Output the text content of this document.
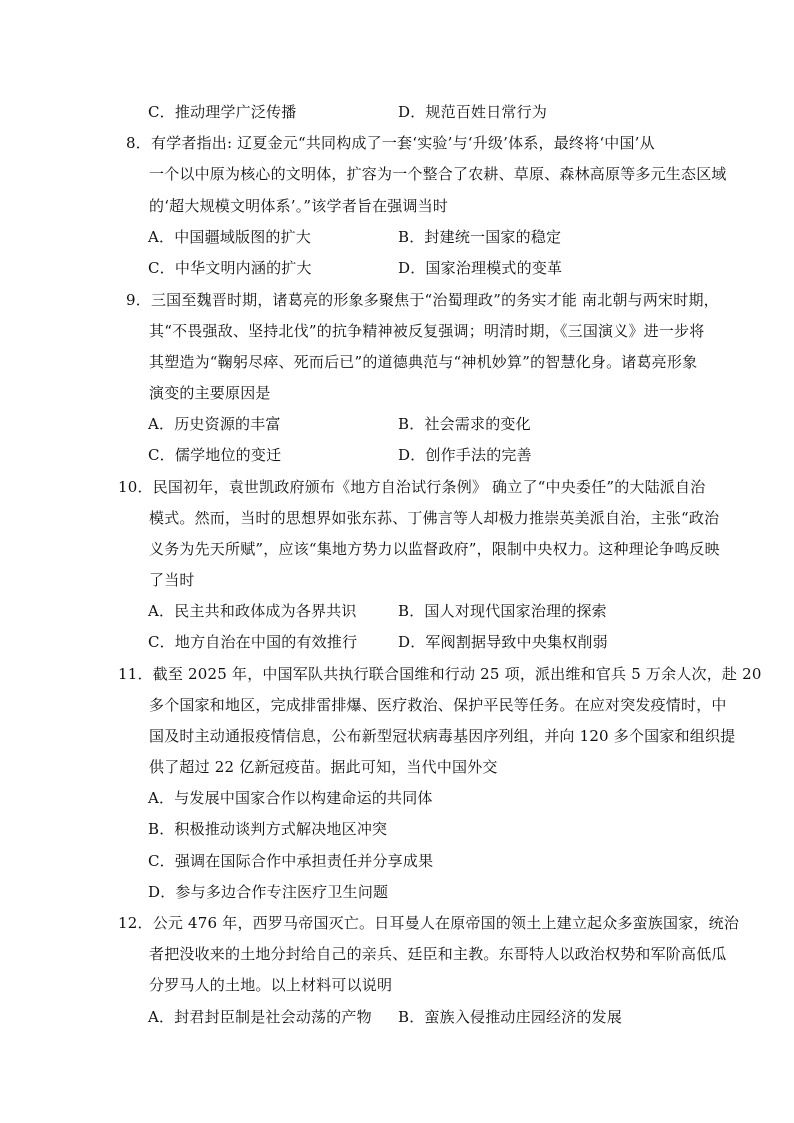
C．推动理学广泛传播	D．规范百姓日常行为
8．有学者指出: 辽夏金元“共同构成了一套‘实验’与‘升级’体系，最终将‘中国’从
一个以中原为核心的文明体，扩容为一个整合了农耕、草原、森林高原等多元生态区域
的‘超大规模文明体系’。”该学者旨在强调当时
A．中国疆域版图的扩大	B．封建统一国家的稳定
C．中华文明内涵的扩大	D．国家治理模式的变革
9．三国至魏晋时期，诸葛亮的形象多聚焦于“治蜀理政”的务实才能 南北朝与两宋时期，
其“不畏强敌、坚持北伐”的抗争精神被反复强调；明清时期，《三国演义》进一步将
其塑造为“鞠躬尽瘁、死而后已”的道德典范与“神机妙算”的智慧化身。诸葛亮形象
演变的主要原因是
A．历史资源的丰富	B．社会需求的变化
C．儒学地位的变迁	D．创作手法的完善
10．民国初年，袁世凯政府颁布《地方自治试行条例》 确立了“中央委任”的大陆派自治
模式。然而，当时的思想界如张东荪、丁佛言等人却极力推崇英美派自治，主张“政治
义务为先天所赋”，应该“集地方势力以监督政府”，限制中央权力。这种理论争鸣反映
了当时
A．民主共和政体成为各界共识	B．国人对现代国家治理的探索
C．地方自治在中国的有效推行	D．军阀割据导致中央集权削弱
11．截至 2025 年，中国军队共执行联合国维和行动 25 项，派出维和官兵 5 万余人次，赴 20
多个国家和地区，完成排雷排爆、医疗救治、保护平民等任务。在应对突发疫情时，中
国及时主动通报疫情信息，公布新型冠状病毒基因序列组，并向 120 多个国家和组织提
供了超过 22 亿新冠疫苗。据此可知，当代中国外交
A．与发展中国家合作以构建命运的共同体
B．积极推动谈判方式解决地区冲突
C．强调在国际合作中承担责任并分享成果
D．参与多边合作专注医疗卫生问题
12．公元 476 年，西罗马帝国灭亡。日耳曼人在原帝国的领土上建立起众多蛮族国家，统治
者把没收来的土地分封给自己的亲兵、廷臣和主教。东哥特人以政治权势和军阶高低瓜
分罗马人的土地。以上材料可以说明
A．封君封臣制是社会动荡的产物 B．蛮族入侵推动庄园经济的发展
